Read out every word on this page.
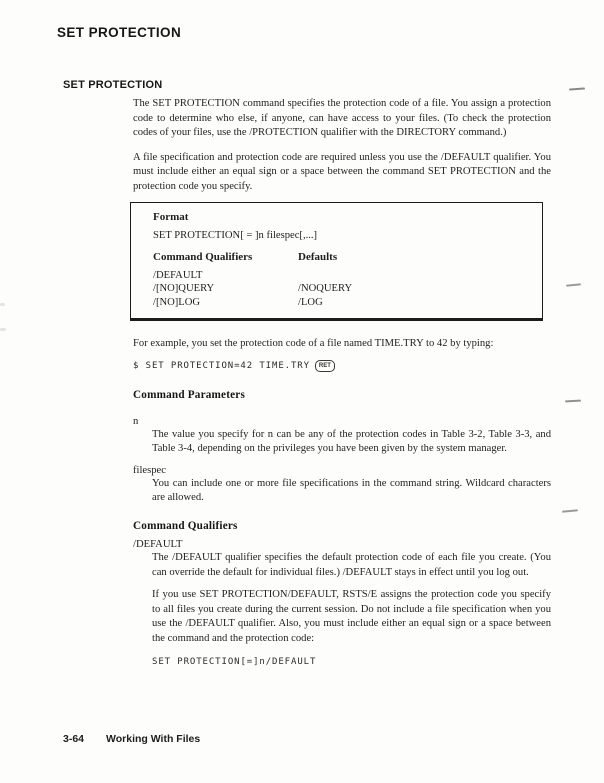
SET PROTECTION
SET PROTECTION

The SET PROTECTION command specifies the protection code of a file. You assign a protection code to determine who else, if anyone, can have access to your files. (To check the protection codes of your files, use the /PROTECTION qualifier with the DIRECTORY command.)

A file specification and protection code are required unless you use the /DEFAULT qualifier. You must include either an equal sign or a space between the command SET PROTECTION and the protection code you specify.

Format
SET PROTECTION[ = ]n filespec[,...]
Command Qualifiers	Defaults
/DEFAULT
/[NO]QUERY	/NOQUERY
/[NO]LOG	/LOG

For example, you set the protection code of a file named TIME.TRY to 42 by typing:

$ SET PROTECTION=42 TIME.TRY RET
Command Parameters
n

The value you specify for n can be any of the protection codes in Table 3-2, Table 3-3, and Table 3-4, depending on the privileges you have been given by the system manager.

filespec

You can include one or more file specifications in the command string. Wildcard characters are allowed.

Command Qualifiers
/DEFAULT

The /DEFAULT qualifier specifies the default protection code of each file you create. (You can override the default for individual files.) /DEFAULT stays in effect until you log out.

If you use SET PROTECTION/DEFAULT, RSTS/E assigns the protection code you specify to all files you create during the current session. Do not include a file specification when you use the /DEFAULT qualifier. Also, you must include either an equal sign or a space between the command and the protection code:

SET PROTECTION[=]n/DEFAULT
3-64 Working With Files
